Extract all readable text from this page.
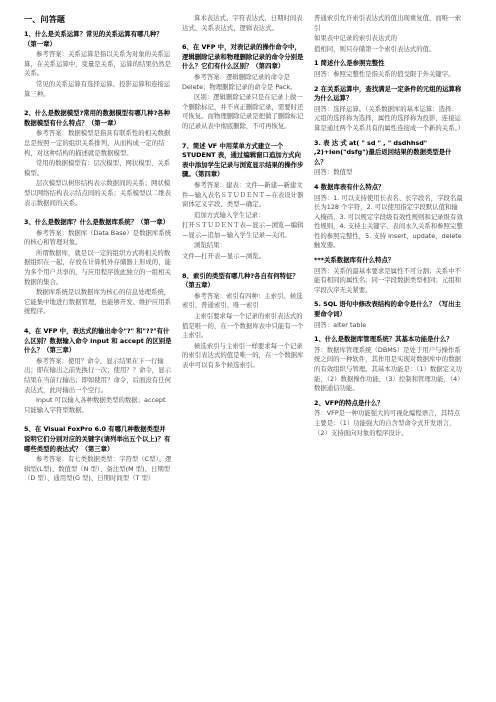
一、问答题
1、什么是关系运算？常见的关系运算有哪几种？（第一章）
参考答案：关系运算是指以关系为对象的关系运算，在关系运算中，变量是关系，运算的结果仍然是关系。
常见的关系运算有选择运算、投影运算和连接运算三种。
2、什么是数据模型?常用的数据模型有哪几种?各种数据模型有什么特点？（第一章）
参考答案：数据模型是指具有联系性的相关数据总是按照一定的组织关系排列，从而构成一定的结构，对这种结构的描述就是数据模型。
常用的数据模型有：层次模型、网状模型、关系模型。
层次模型以树形结构表示数据间的关系；网状模型以网络结构表示结点间的关系；关系模型以二维表表示数据间的关系。
3、什么是数据库？什么是数据库系统？（第一章）
参考答案：数据库（Data Base）是数据库系统的核心和管理对象。
所谓数据库，就是以一定的组织方式将相关的数据组织在一起，存放在计算机外存储器上形成的，能为多个用户共享的，与应用程序彼此独立的一组相关数据的集合。
数据库系统是以数据库为核心的信息处理系统，它能集中地进行数据管理，也能够开发、维护应用系统程序。
4、在 VFP 中，表达式的输出命令"?" 和"??"有什么区别？数据输入命令 input 和 accept 的区别是什么？（第三章）
参考答案：使用？命令，显示结果在下一行输出；即在输出之前先换行一次；使用？？命令，显示结果在当前行输出；即如使用？命令，后面没有任何表达式，此时输出一个空行。
Input 可以输入各种数据类型的数据；accept 只能输入字符型数据。
5、在 Visual FoxPro 6.0 有哪几种数据类型并说明它们分别对应的关键字(请列举出五个以上)？有哪些类型的表达式？（第三章）
参考答案：有七类数据类型：字符型（C型）、逻辑型(L型)、数值型（N 型）、备注型(M 型)、日期型（D 型）、通用型(G 型)、日期时间型（T 型）
算术表达式、字符表达式、日期时间表达式、关系表达式、逻辑表达式。
6、在 VFP 中，对表记录的操作命令中，逻辑删除记录和物理删除记录的命令分别是什么？它们有什么区别？（第四章）
参考答案：逻辑删除记录的命令是 Delete；物理删除记录的命令是 Pack。
区别：逻辑删除记录只是在记录上做一个删除标记，并不真正删除记录，需要时还可恢复。而物理删除记录是把做了删除标记的记录从表中彻底删除，不可再恢复。
7、简述 VF 中用菜单方式建立一个 STUDENT 表，通过编辑窗口追加方式向表中添加学生记录与浏览显示结果的操作步骤。（第四章）
参考答案：建表：文件—新建—新建文件—输入表名ＳＴＵＤＥＮＴ—在表设计器窗体定义字段、类型—确定。
追加方式输入学生记录：
打开ＳＴＵＤＥＮＴ表—显示—浏览—编辑—显示—追加—输入学生记录—关闭。
浏览结果：
文件—打开表—显示—浏览。
8、索引的类型有哪几种?各自有何特征？（第五章）
参考答案：索引有四种：主索引、候选索引、普通索引、唯一索引
主索引要求每一个记录的索引表达式的值是唯一的，在一个数据库表中只能有一个主索引。
候选索引与主索引一样要求每一个记录的索引表达式的值是唯一的，在一个数据库表中可以有多个候选索引。
普通索引允许索引表达式的值出现重复值，而唯一索引
如果表中记录的索引表达式的
值相同，则只存储第一个索引表达式的值。
1 简述什么是参照完整性
回答：参照完整性是指关系的值受限于外关键字。
2 在关系运算中，查找满足一定条件的元组的运算称为什么运算？
回答：选择运算。（关系数据库的基本运算：选择：元组的选择称为选择，属性的选择称为投影，连接运算是通过两个关系共有的属性连接成一个新的关系。）
3. 表 达 式 at( " sd " , " dsdhhsd" ,2)+len("dsfg")最后返回结果的数据类型是什么？
回答：数值型
4 数据库表有什么特点？
回答：1. 可以支持使用长表名、长字段名，字段名最长为128 个字符，2. 可以使用指定字段默认值和输入掩码，3. 可以规定字段级有效性规则和记录级有效性规则，4. 支持主关键字、表间永久关系和参照完整性的参照完整性，5. 支持 insert，update，delete 触发器。
***关系数据库有什么特点？
回答：关系的最基本要求是属性不可分割；关系中不能有相同的属性名；同一字段数据类型相同；元组和字段次序无关紧要。
5. SQL 语句中修改表结构的命令是什么？（写出主要命令词）
回答：alter table
1、什么是数据库管理系统？其基本功能是什么？
答：数据库管理系统（DBMS）是处于用户与操作系统之间的一种软件，其作用是实现对数据库中的数据的有效组织与管理。其基本功能是：（1）数据定义功能，（2）数据操作功能，（3）控制和管理功能，（4）数据通信功能。
2、VFP的特点是什么？
答：VFP是一种功能强大的可视化编程语言，其特点主要是：（1）功能强大的自含型命令式开发语言，（2）支持面向对象的程序设计。
